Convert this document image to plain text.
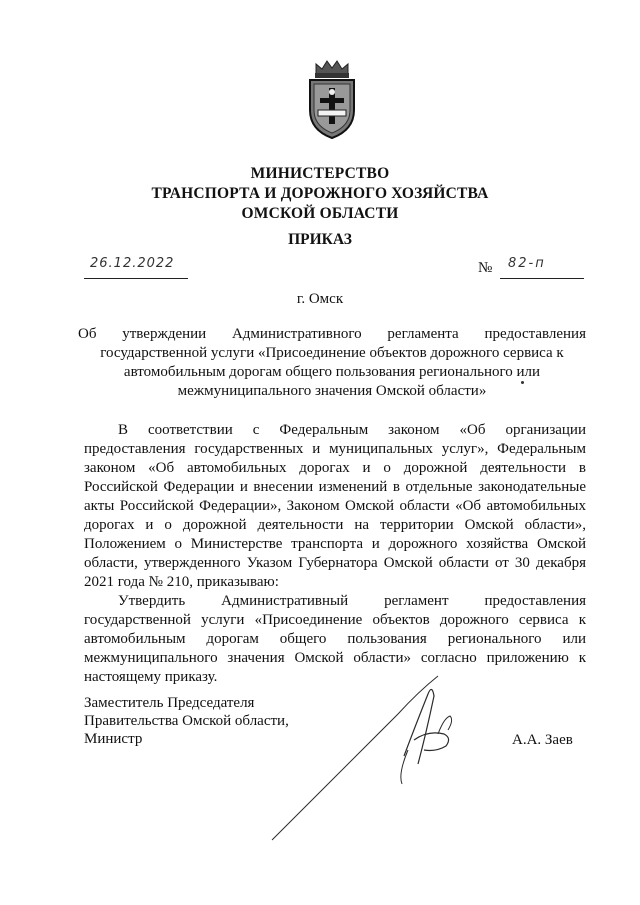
МИНИСТЕРСТВО
ТРАНСПОРТА И ДОРОЖНОГО ХОЗЯЙСТВА
ОМСКОЙ ОБЛАСТИ
ПРИКАЗ
26.12.2022	№ 82-п
г. Омск
Об утверждении Административного регламента предоставления
государственной услуги «Присоединение объектов дорожного сервиса к
автомобильным дорогам общего пользования регионального или
межмуниципального значения Омской области»

В соответствии с Федеральным законом «Об организации предоставления государственных и муниципальных услуг», Федеральным законом «Об автомобильных дорогах и о дорожной деятельности в Российской Федерации и внесении изменений в отдельные законодательные акты Российской Федерации», Законом Омской области «Об автомобильных дорогах и о дорожной деятельности на территории Омской области», Положением о Министерстве транспорта и дорожного хозяйства Омской области, утвержденного Указом Губернатора Омской области от 30 декабря 2021 года № 210, приказываю:

Утвердить Административный регламент предоставления государственной услуги «Присоединение объектов дорожного сервиса к автомобильным дорогам общего пользования регионального или межмуниципального значения Омской области» согласно приложению к настоящему приказу.

Заместитель Председателя
Правительства Омской области,
Министр	А.А. Заев
